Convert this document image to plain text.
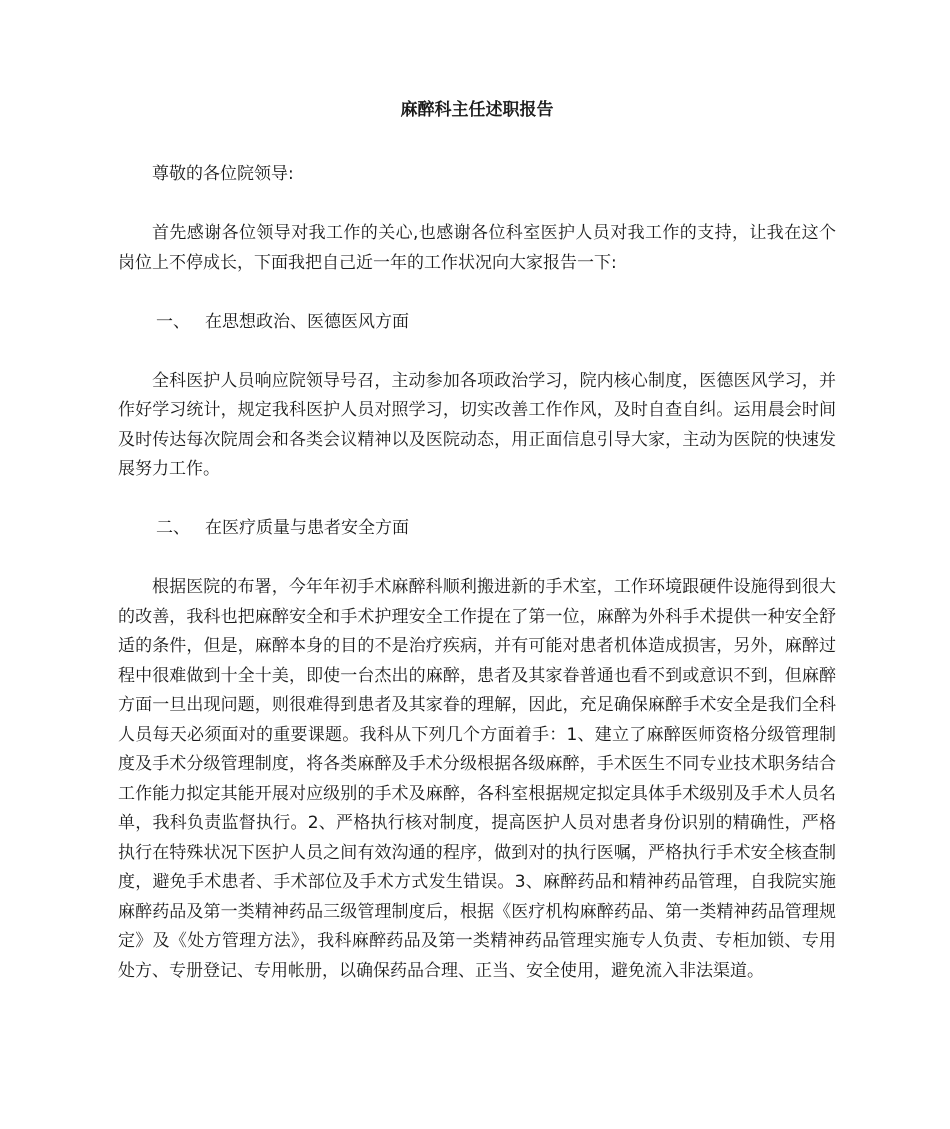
麻醉科主任述职报告

尊敬的各位院领导:

首先感谢各位领导对我工作的关心,也感谢各位科室医护人员对我工作的支持，让我在这个岗位上不停成长，下面我把自己近一年的工作状况向大家报告一下:

一、 在思想政治、医德医风方面

全科医护人员响应院领导号召，主动参加各项政治学习，院内核心制度，医德医风学习，并作好学习统计，规定我科医护人员对照学习，切实改善工作作风，及时自查自纠。运用晨会时间及时传达每次院周会和各类会议精神以及医院动态，用正面信息引导大家，主动为医院的快速发展努力工作。

二、 在医疗质量与患者安全方面

根据医院的布署，今年年初手术麻醉科顺利搬进新的手术室，工作环境跟硬件设施得到很大的改善，我科也把麻醉安全和手术护理安全工作提在了第一位，麻醉为外科手术提供一种安全舒适的条件，但是，麻醉本身的目的不是治疗疾病，并有可能对患者机体造成损害，另外，麻醉过程中很难做到十全十美，即使一台杰出的麻醉，患者及其家眷普通也看不到或意识不到，但麻醉方面一旦出现问题，则很难得到患者及其家眷的理解，因此，充足确保麻醉手术安全是我们全科人员每天必须面对的重要课题。我科从下列几个方面着手：1、建立了麻醉医师资格分级管理制度及手术分级管理制度，将各类麻醉及手术分级根据各级麻醉，手术医生不同专业技术职务结合工作能力拟定其能开展对应级别的手术及麻醉，各科室根据规定拟定具体手术级别及手术人员名单，我科负责监督执行。2、严格执行核对制度，提高医护人员对患者身份识别的精确性，严格执行在特殊状况下医护人员之间有效沟通的程序，做到对的执行医嘱，严格执行手术安全核查制度，避免手术患者、手术部位及手术方式发生错误。3、麻醉药品和精神药品管理，自我院实施麻醉药品及第一类精神药品三级管理制度后，根据《医疗机构麻醉药品、第一类精神药品管理规定》及《处方管理方法》，我科麻醉药品及第一类精神药品管理实施专人负责、专柜加锁、专用处方、专册登记、专用帐册，以确保药品合理、正当、安全使用，避免流入非法渠道。
